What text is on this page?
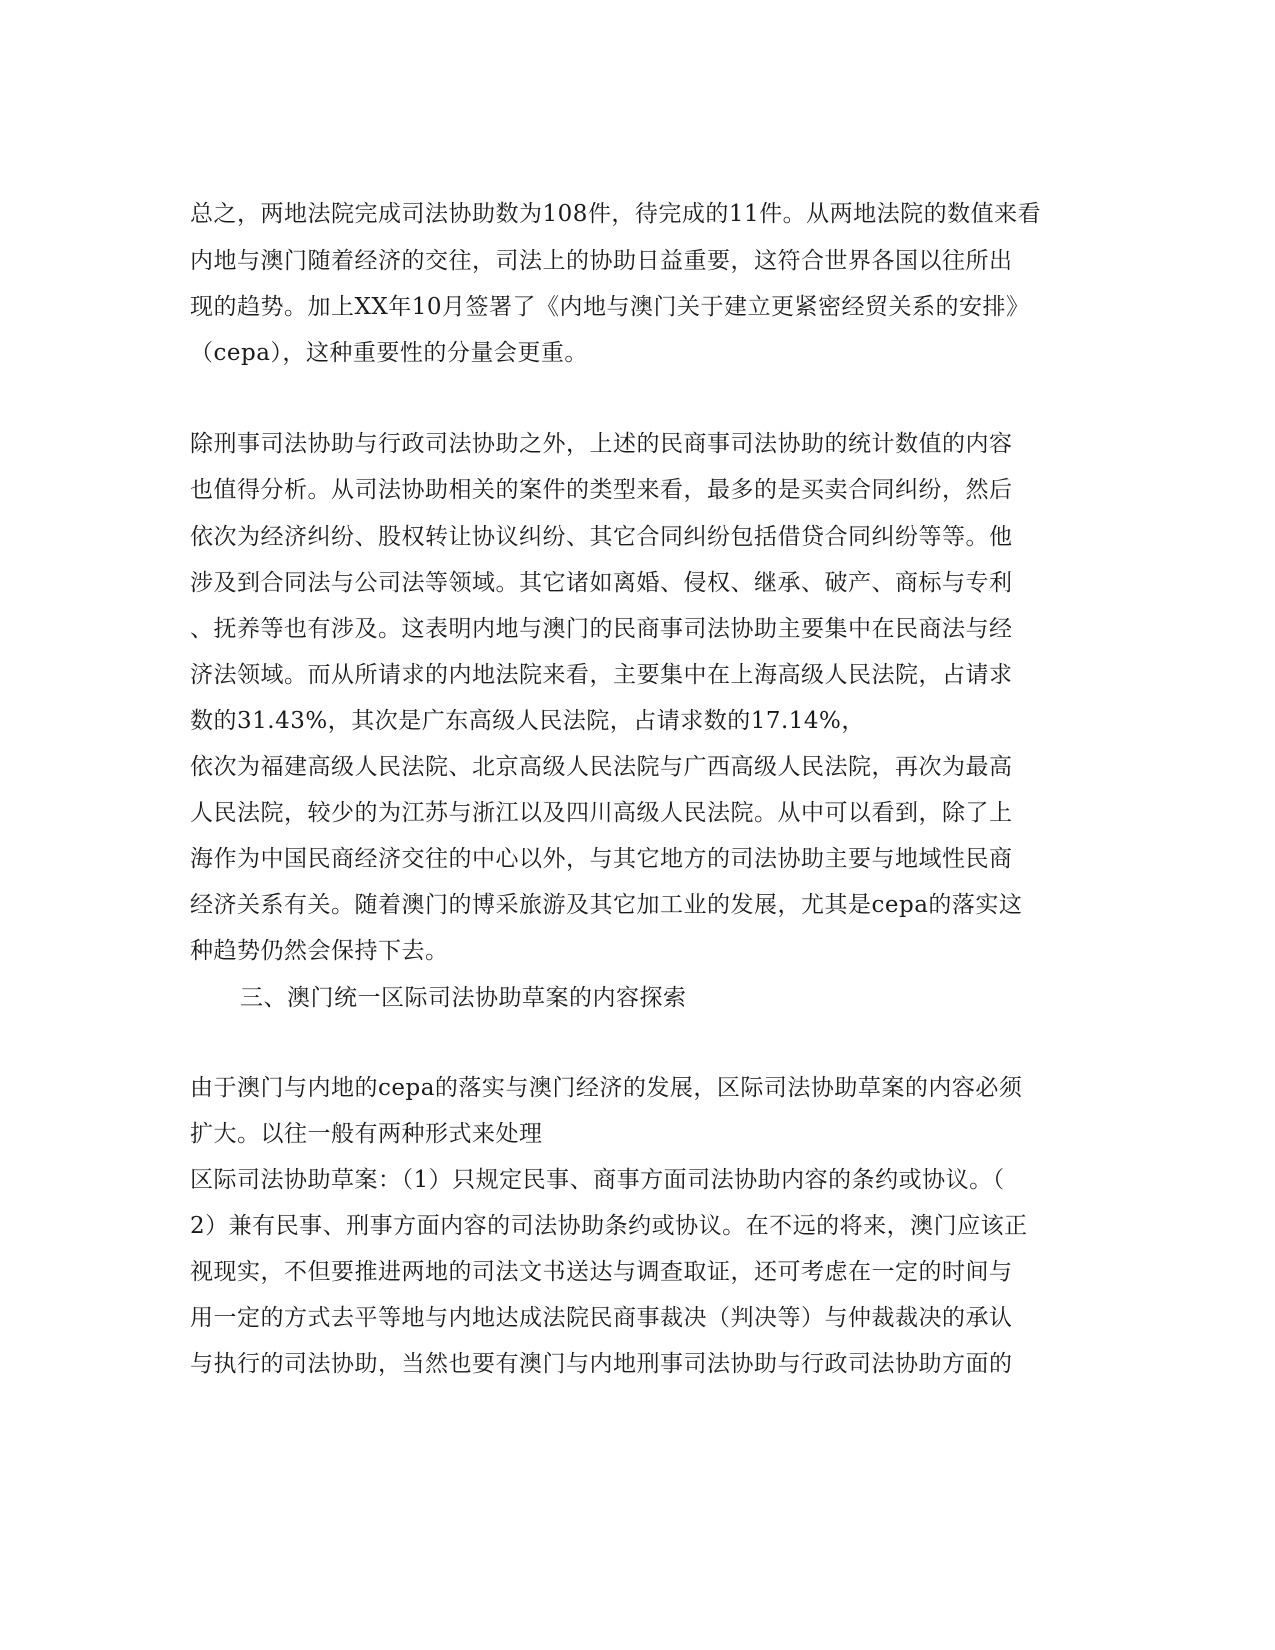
总之，两地法院完成司法协助数为108件，待完成的11件。从两地法院的数值来看
内地与澳门随着经济的交往，司法上的协助日益重要，这符合世界各国以往所出
现的趋势。加上XX年10月签署了《内地与澳门关于建立更紧密经贸关系的安排》
（cepa），这种重要性的分量会更重。
除刑事司法协助与行政司法协助之外，上述的民商事司法协助的统计数值的内容
也值得分析。从司法协助相关的案件的类型来看，最多的是买卖合同纠纷，然后
依次为经济纠纷、股权转让协议纠纷、其它合同纠纷包括借贷合同纠纷等等。他
涉及到合同法与公司法等领域。其它诸如离婚、侵权、继承、破产、商标与专利
、抚养等也有涉及。这表明内地与澳门的民商事司法协助主要集中在民商法与经
济法领域。而从所请求的内地法院来看，主要集中在上海高级人民法院，占请求
数的31.43%，其次是广东高级人民法院，占请求数的17.14%，
依次为福建高级人民法院、北京高级人民法院与广西高级人民法院，再次为最高
人民法院，较少的为江苏与浙江以及四川高级人民法院。从中可以看到，除了上
海作为中国民商经济交往的中心以外，与其它地方的司法协助主要与地域性民商
经济关系有关。随着澳门的博采旅游及其它加工业的发展，尤其是cepa的落实这
种趋势仍然会保持下去。
三、澳门统一区际司法协助草案的内容探索
由于澳门与内地的cepa的落实与澳门经济的发展，区际司法协助草案的内容必须
扩大。以往一般有两种形式来处理
区际司法协助草案：（1）只规定民事、商事方面司法协助内容的条约或协议。（
2）兼有民事、刑事方面内容的司法协助条约或协议。在不远的将来，澳门应该正
视现实，不但要推进两地的司法文书送达与调查取证，还可考虑在一定的时间与
用一定的方式去平等地与内地达成法院民商事裁决（判决等）与仲裁裁决的承认
与执行的司法协助，当然也要有澳门与内地刑事司法协助与行政司法协助方面的
